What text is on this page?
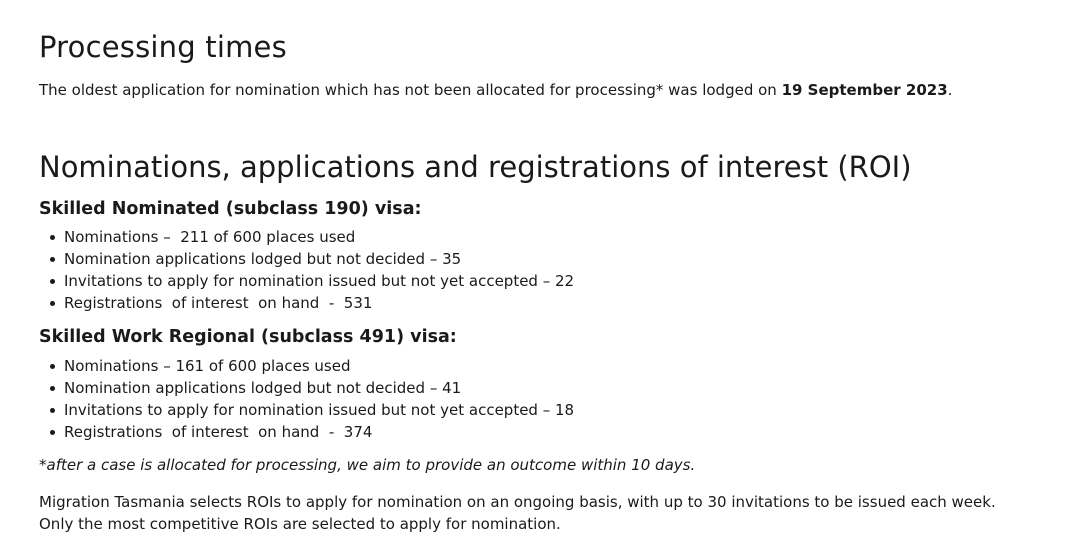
Processing times

The oldest application for nomination which has not been allocated for processing* was lodged on 19 September 2023.

Nominations, applications and registrations of interest (ROI)
Skilled Nominated (subclass 190) visa:
Nominations –  211 of 600 places used
Nomination applications lodged but not decided – 35
Invitations to apply for nomination issued but not yet accepted – 22
Registrations  of interest  on hand  -  531
Skilled Work Regional (subclass 491) visa:
Nominations – 161 of 600 places used
Nomination applications lodged but not decided – 41
Invitations to apply for nomination issued but not yet accepted – 18
Registrations  of interest  on hand  -  374

*after a case is allocated for processing, we aim to provide an outcome within 10 days.

Migration Tasmania selects ROIs to apply for nomination on an ongoing basis, with up to 30 invitations to be issued each week. Only the most competitive ROIs are selected to apply for nomination.
